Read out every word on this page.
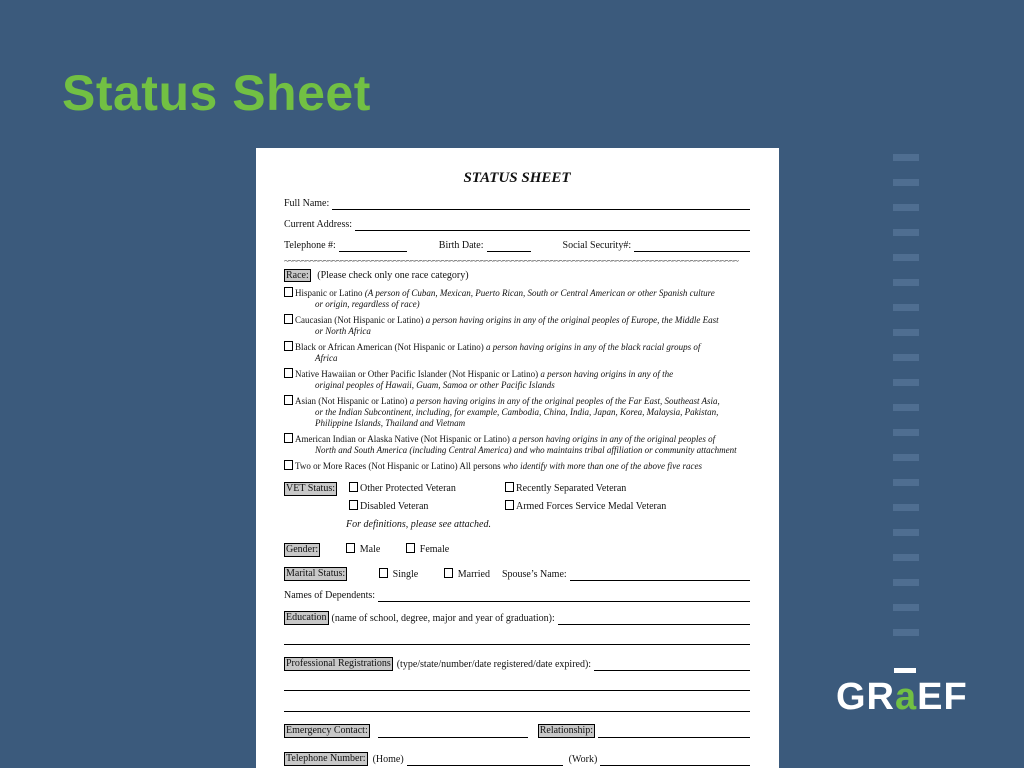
Status Sheet
GRaEF
STATUS SHEET
Full Name:
Current Address:
Telephone #:	Birth Date:	Social Security#:
~~~~~~~~~~~~~~~~~~~~~~~~~~~~~~~~~~~~~~~~~~~~~~~~~~~~~~~~~~~~~~~~~~~~~~~~~~~~~~~~~~~~~~~~~~~~~~~~~~~~~~~~
Race: (Please check only one race category)
Hispanic or Latino (A person of Cuban, Mexican, Puerto Rican, South or Central American or other Spanish culture
or origin, regardless of race)
Caucasian (Not Hispanic or Latino) a person having origins in any of the original peoples of Europe, the Middle East
or North Africa
Black or African American (Not Hispanic or Latino) a person having origins in any of the black racial groups of
Africa
Native Hawaiian or Other Pacific Islander (Not Hispanic or Latino) a person having origins in any of the
original peoples of Hawaii, Guam, Samoa or other Pacific Islands
Asian (Not Hispanic or Latino) a person having origins in any of the original peoples of the Far East, Southeast Asia,
or the Indian Subcontinent, including, for example, Cambodia, China, India, Japan, Korea, Malaysia, Pakistan, Philippine Islands, Thailand and Vietnam
American Indian or Alaska Native (Not Hispanic or Latino) a person having origins in any of the original peoples of
North and South America (including Central America) and who maintains tribal affiliation or community attachment
Two or More Races (Not Hispanic or Latino) All persons who identify with more than one of the above five races
VET Status:	Other Protected Veteran	Recently Separated Veteran
Disabled Veteran	Armed Forces Service Medal Veteran
For definitions, please see attached.
Gender:	Male	Female
Marital Status:	Single	Married Spouse’s Name:
Names of Dependents:
Education (name of school, degree, major and year of graduation):
Professional Registrations (type/state/number/date registered/date expired):
Emergency Contact:	Relationship:
Telephone Number: (Home)	(Work)
